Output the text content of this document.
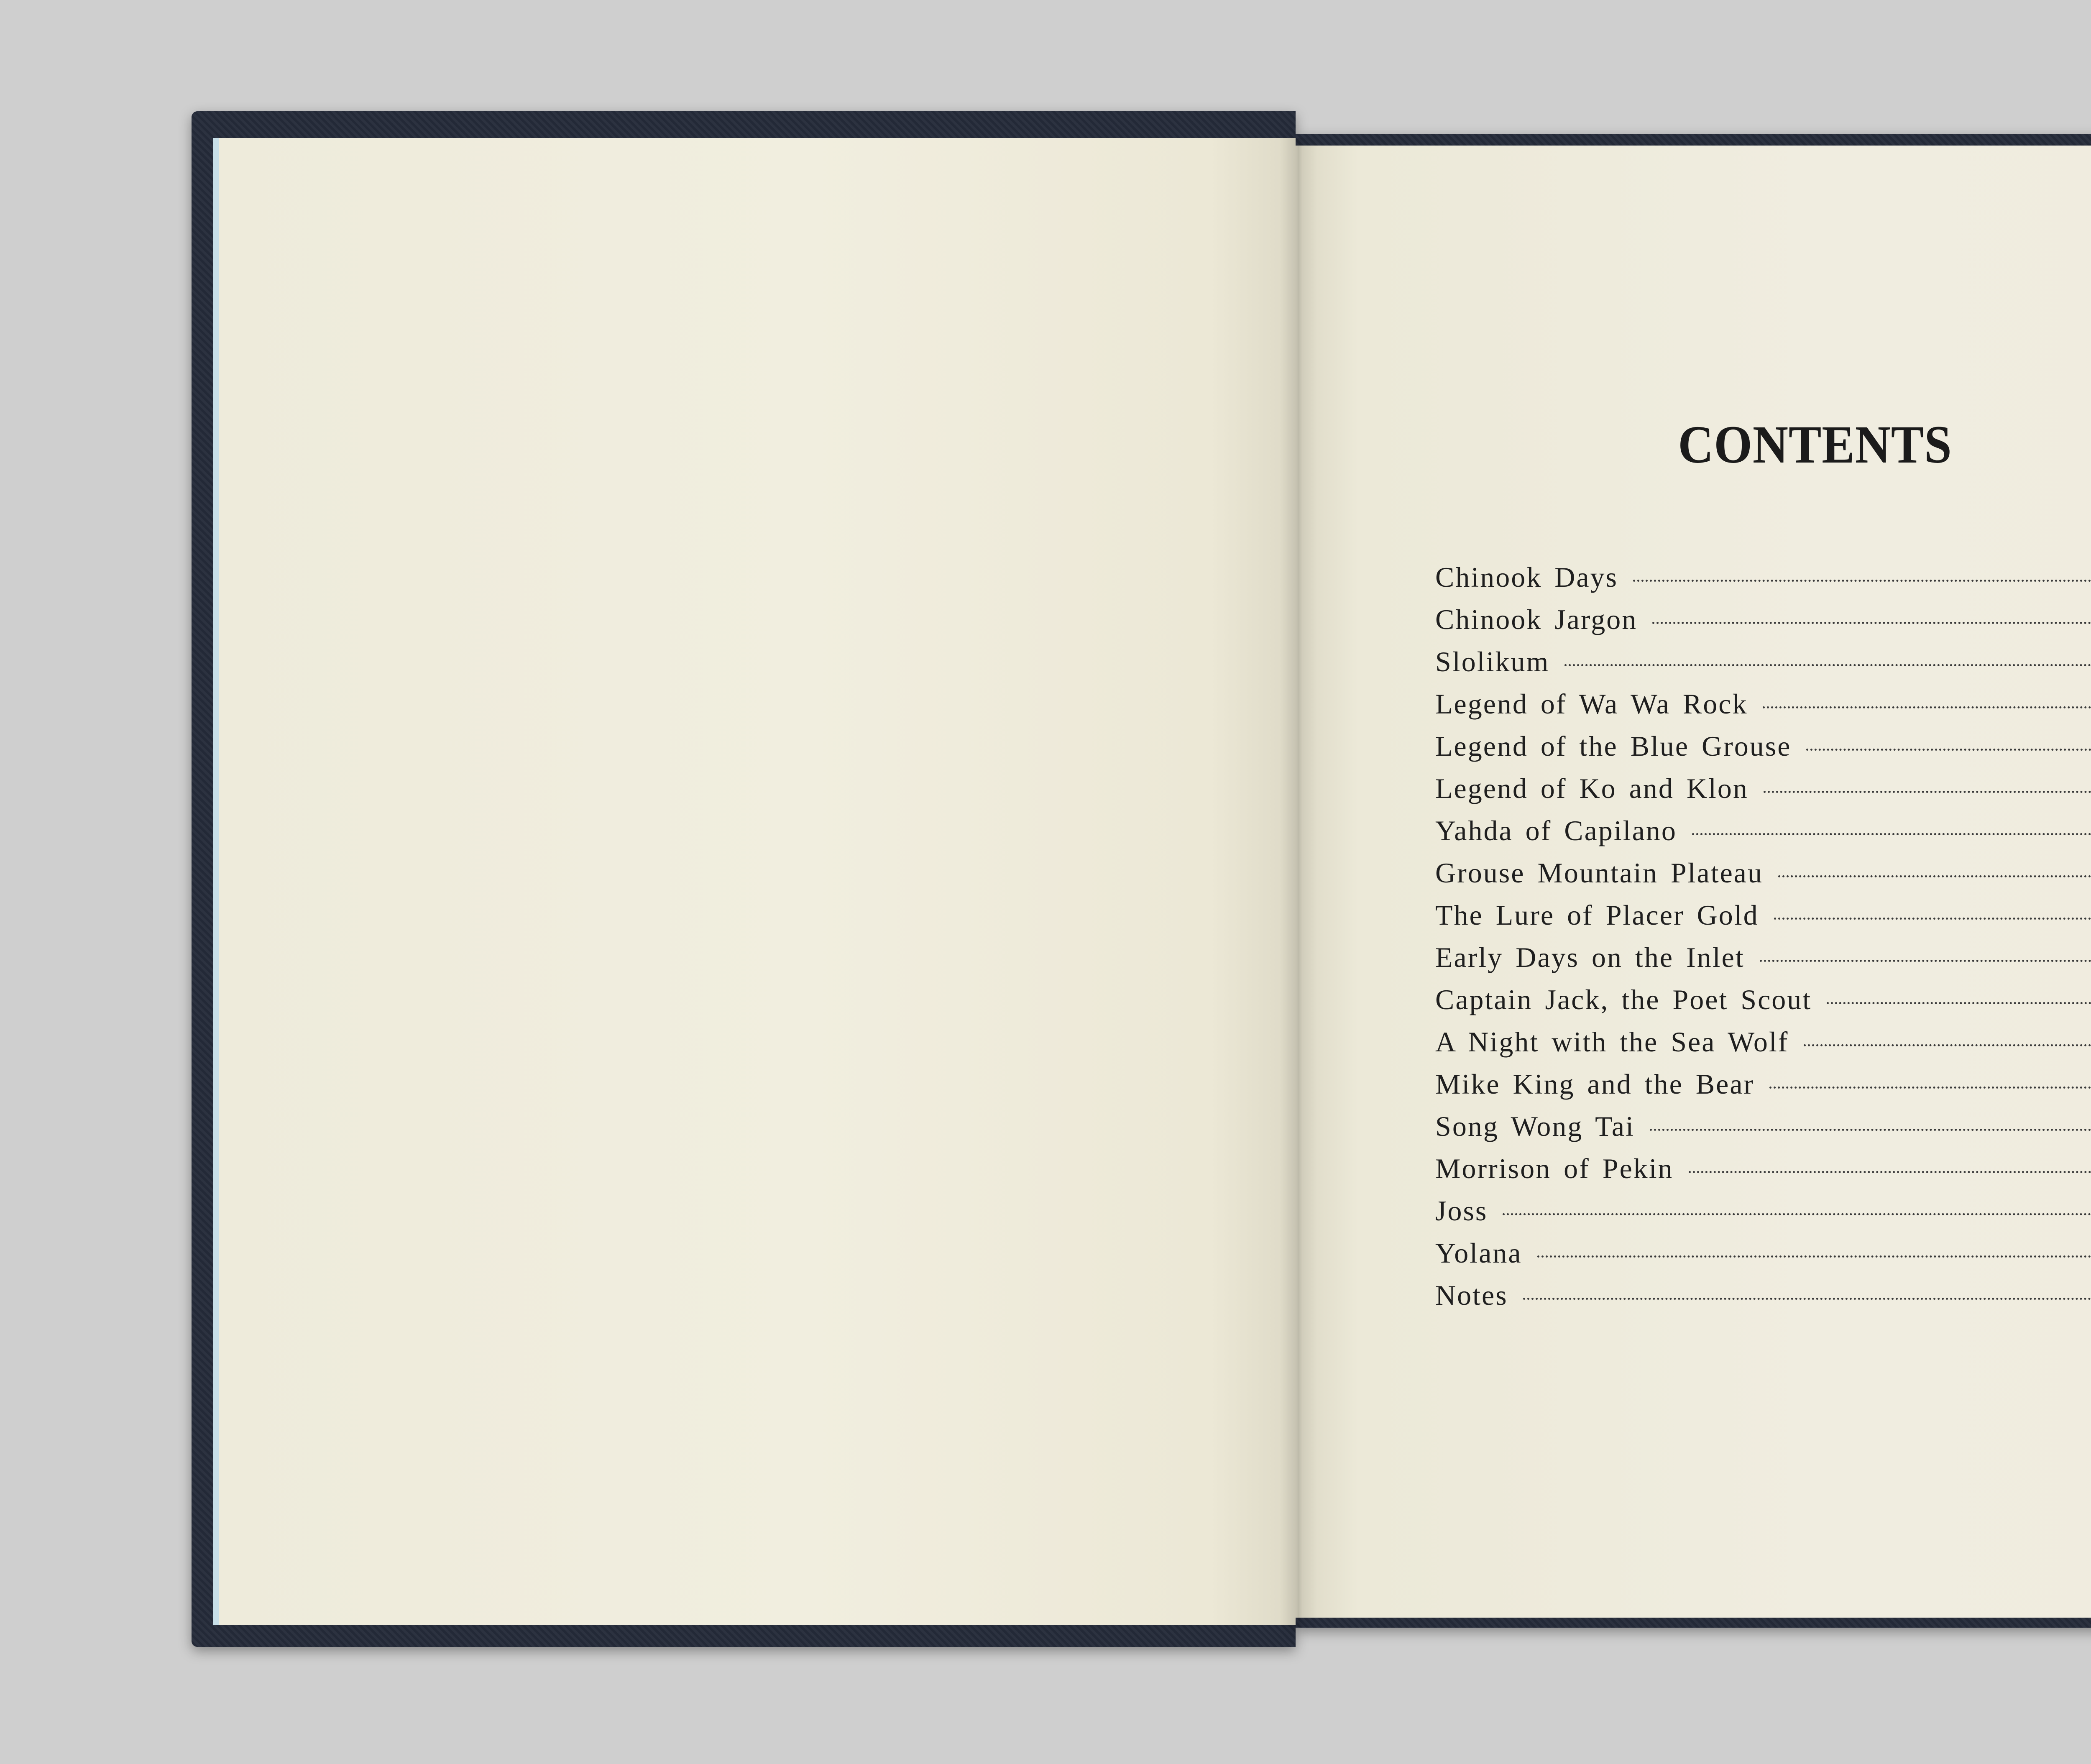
CONTENTS
Chinook Days
Chinook Jargon
Slolikum
Legend of Wa Wa Rock
Legend of the Blue Grouse
Legend of Ko and Klon
Yahda of Capilano
Grouse Mountain Plateau
The Lure of Placer Gold
Early Days on the Inlet
Captain Jack, the Poet Scout
A Night with the Sea Wolf
Mike King and the Bear
Song Wong Tai
Morrison of Pekin
Joss
Yolana
Notes
